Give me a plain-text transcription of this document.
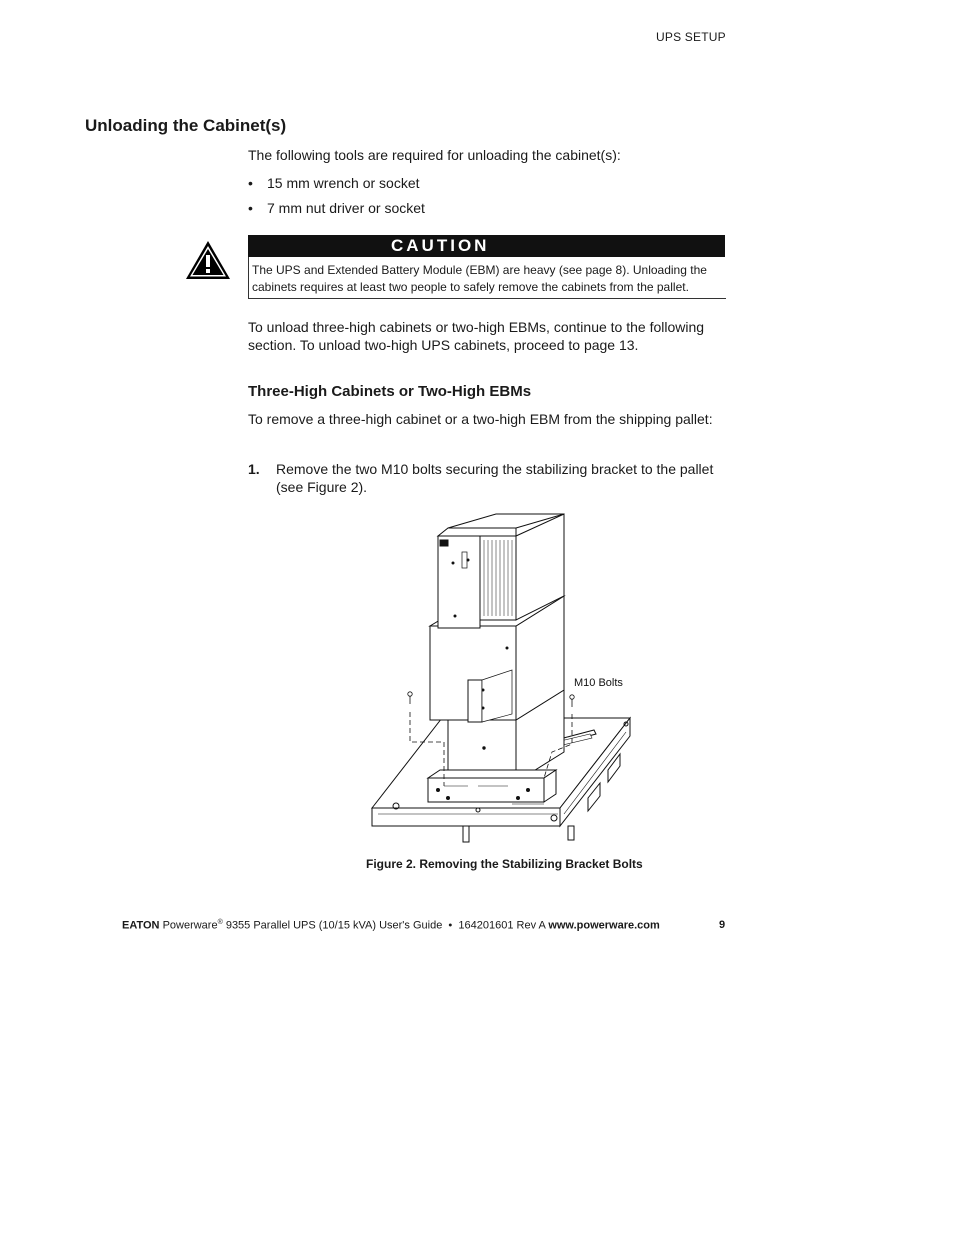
UPS SETUP
Unloading the Cabinet(s)
The following tools are required for unloading the cabinet(s):
• 15 mm wrench or socket
• 7 mm nut driver or socket
CAUTION
The UPS and Extended Battery Module (EBM) are heavy (see page 8). Unloading the
cabinets requires at least two people to safely remove the cabinets from the pallet.
To unload three-high cabinets or two-high EBMs, continue to the following section. To unload two-high UPS cabinets, proceed to page 13.
Three-High Cabinets or Two-High EBMs
To remove a three-high cabinet or a two-high EBM from the shipping pallet:
1. Remove the two M10 bolts securing the stabilizing bracket to the pallet (see Figure 2).
M10 Bolts
Figure 2. Removing the Stabilizing Bracket Bolts
EATON Powerware® 9355 Parallel UPS (10/15 kVA) User's Guide  •  164201601 Rev A www.powerware.com	9
